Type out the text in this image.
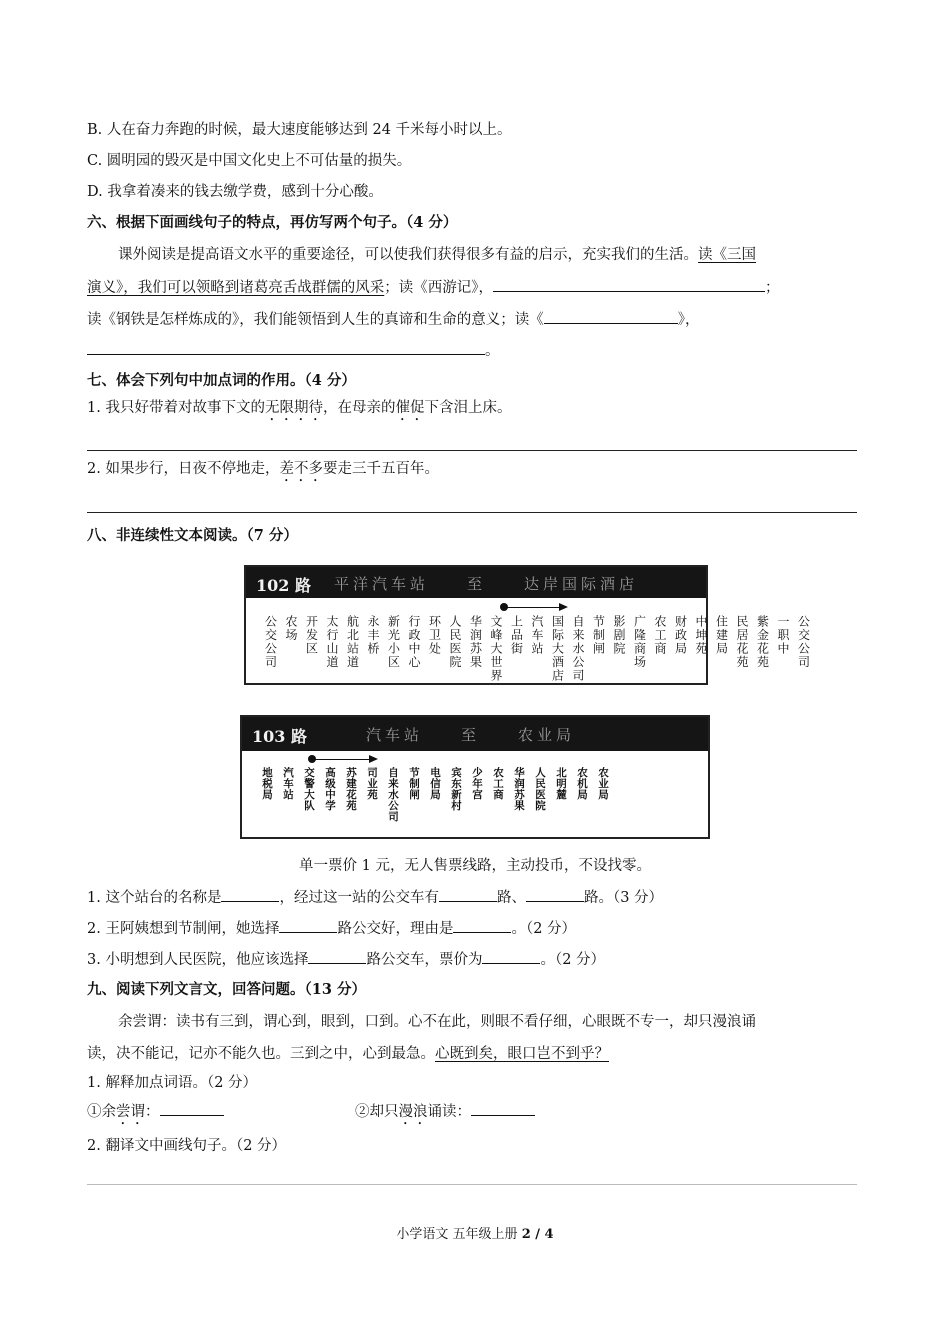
B. 人在奋力奔跑的时候，最大速度能够达到 24 千米每小时以上。
C. 圆明园的毁灭是中国文化史上不可估量的损失。
D. 我拿着凑来的钱去缴学费，感到十分心酸。
六、根据下面画线句子的特点，再仿写两个句子。（4 分）
课外阅读是提高语文水平的重要途径，可以使我们获得很多有益的启示，充实我们的生活。读《三国
演义》，我们可以领略到诸葛亮舌战群儒的风采；读《西游记》，	；
读《钢铁是怎样炼成的》，我们能领悟到人生的真谛和生命的意义；读《	》，
。
七、体会下列句中加点词的作用。（4 分）
1. 我只好带着对故事下文的无限期待，在母亲的催促下含泪上床。
2. 如果步行，日夜不停地走，差不多要走三千五百年。
八、非连续性文本阅读。（7 分）
102 路 平洋汽车站　　至　　达岸国际酒店
公交公司 农场 开发区 太行山道 航北站道 永丰桥 新光小区 行政中心 环卫处 人民医院 华润苏果 文峰大世界 上品街 汽车站 国际大酒店 自来水公司 节制闸 影剧院 广隆商场 农工商 财政局 中坤苑 住建局 民居花苑 紫金花苑 一职中 公交公司
103 路	汽车站　　至　　农业局
地税局 汽车站 交警大队 高级中学 苏建花苑 司业苑 自来水公司 节制闸 电信局 宾东新村 少年宫 农工商 华润苏果 人民医院 北明麓 农机局 农业局
单一票价 1 元，无人售票线路，主动投币，不设找零。
1. 这个站台的名称是	，经过这一站的公交车有	路、	路。（3 分）
2. 王阿姨想到节制闸，她选择	路公交好，理由是	。（2 分）
3. 小明想到人民医院，他应该选择	路公交车，票价为	。（2 分）
九、阅读下列文言文，回答问题。（13 分）
余尝谓：读书有三到，谓心到，眼到，口到。心不在此，则眼不看仔细，心眼既不专一，却只漫浪诵
读，决不能记，记亦不能久也。三到之中，心到最急。心既到矣，眼口岂不到乎？
1. 解释加点词语。（2 分）
①余尝谓：	②却只漫浪诵读：
2. 翻译文中画线句子。（2 分）
小学语文 五年级上册 2 / 4
